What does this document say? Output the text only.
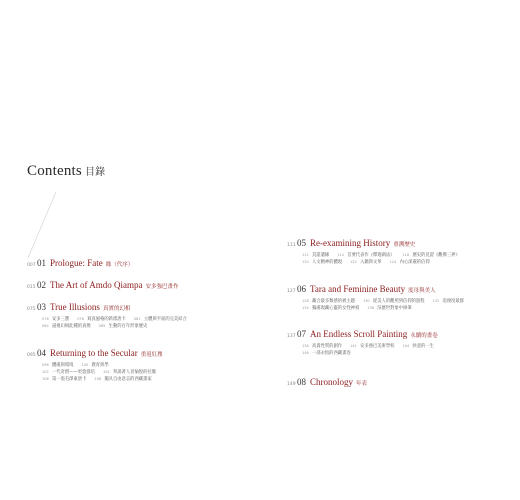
Contents 目錄
007 01 Prologue: Fate 緣（代序）
015 02 The Art of Amdo Qiampa 安多強巴畫作
075 03 True Illusions 真實的幻相
076 安多三寶 078 寫真風格的新派唐卡 081 立體與平面的完美結合
084 逼視幻相此種的真像 089 生動的百年形象歷史
095 04 Returning to the Secular 重返紅塵
096 體處與環境 100 教育與學
102 一代奇僧——更敦群培 104 拜謁著人晉愉悅的拉瓊
106 第一張毛澤東唐卡 108 獨具自由意志的西藏畫家
111 05 Re-examining History 重溯歷史
112 頁諾遺緣 114 首要代表作《釋迦湖法》 118 歷史的見證《觀佛三界》
120 人文精神的體現 122 入籍與文革 124 內心深處的信仰
127 06 Tara and Feminine Beauty 度母與美人
128 藏合最多類感的被主題 130 從美人的觀照到信仰的過程 132 追俊度最群
134 獨處現藏心靈的女性神祇 136 渲歷世對象中辯筆
137 07 An Endless Scroll Painting 永續的畫卷
138 高貴性質的創作 141 安多強巴美術學校 144 快意的一生
146 一部永恆的西藏畫卷
149 08 Chronology 年表
